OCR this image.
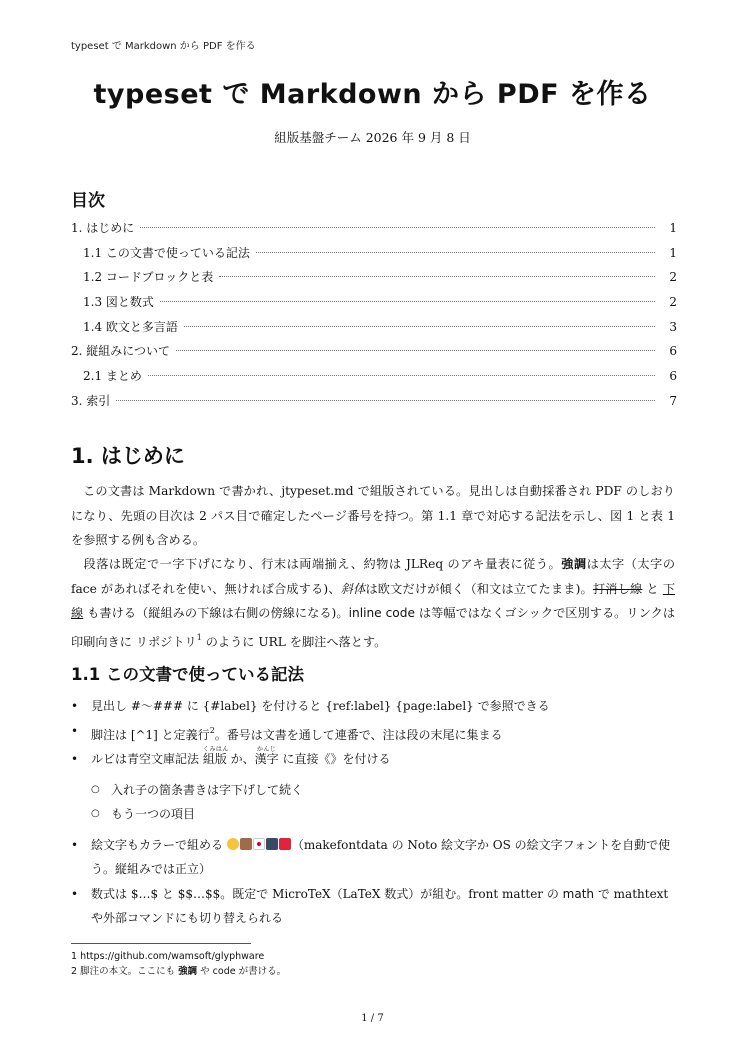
typeset で Markdown から PDF を作る
typeset で Markdown から PDF を作る
組版基盤チーム 2026 年 9 月 8 日
目次
1. はじめに	1
1.1 この文書で使っている記法	1
1.2 コードブロックと表	2
1.3 図と数式	2
1.4 欧文と多言語	3
2. 縦組みについて	6
2.1 まとめ	6
3. 索引	7
1. はじめに
この文書は Markdown で書かれ、jtypeset.md で組版されている。見出しは自動採番され PDF のしおりになり、先頭の目次は 2 パス目で確定したページ番号を持つ。第 1.1 章で対応する記法を示し、図 1 と表 1 を参照する例も含める。
段落は既定で一字下げになり、行末は両端揃え、約物は JLReq のアキ量表に従う。強調は太字（太字の face があればそれを使い、無ければ合成する)、斜体は欧文だけが傾く（和文は立てたまま)。打消し線 と 下線 も書ける（縦組みの下線は右側の傍線になる)。inline code は等幅ではなくゴシックで区別する。リンクは印刷向きに リポジトリ$^1$ のように URL を脚注へ落とす。
1.1 この文書で使っている記法
• 見出し #〜### に {#label} を付けると {ref:label} {page:label} で参照できる
• 脚注は [^1] と定義行$^2$。番号は文書を通して連番で、注は段の末尾に集まる
• ルビは青空文庫記法
くみはん
組版 か、
かんじ
漢字 に直接《》を付ける
○ 入れ子の箇条書きは字下げして続く
○ もう一つの項目
• 絵文字もカラーで組める	（makefontdata の Noto 絵文字か OS の絵文字フォントを自動で使う。縦組みでは正立）
• 数式は $…$ と $$…$$。既定で MicroTeX（LaTeX 数式）が組む。front matter の math で mathtext や外部コマンドにも切り替えられる
1 https://github.com/wamsoft/glyphware
2 脚注の本文。ここにも 強調 や code が書ける。
1 / 7
